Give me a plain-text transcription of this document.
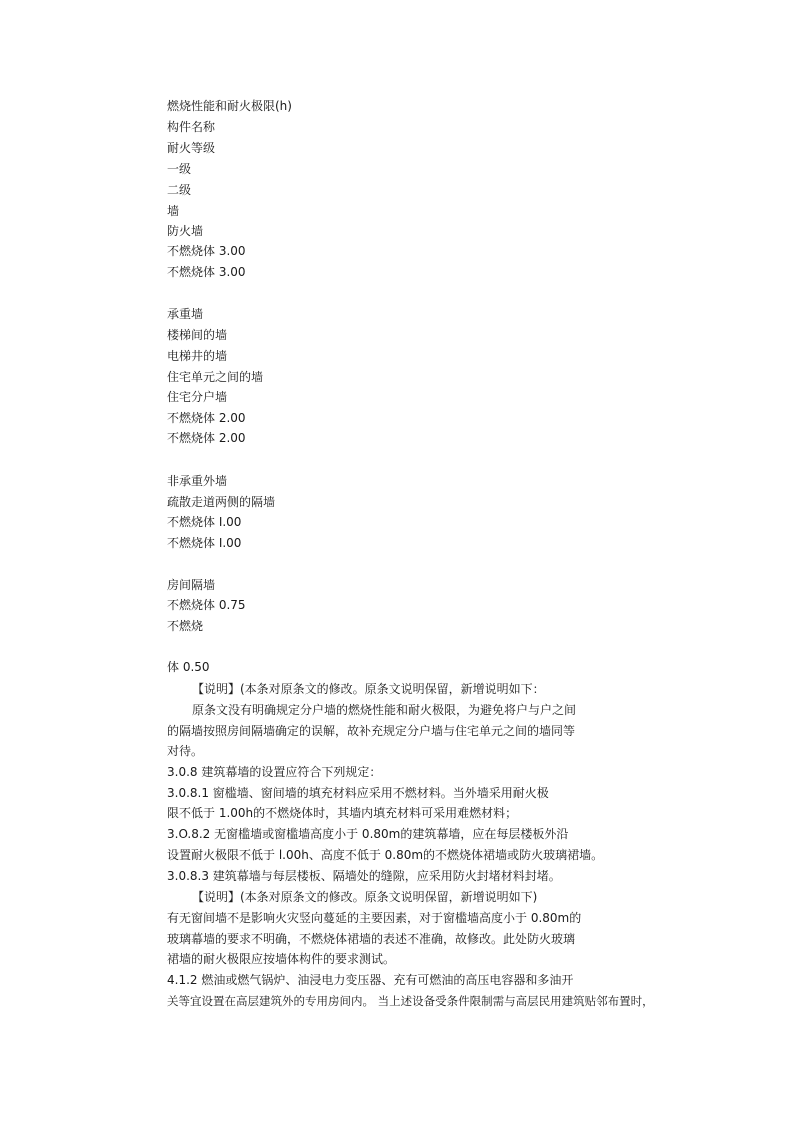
燃烧性能和耐火极限(h)
构件名称
耐火等级
一级
二级
墙
防火墙
不燃烧体 3.00
不燃烧体 3.00
承重墙
楼梯间的墙
电梯井的墙
住宅单元之间的墙
住宅分户墙
不燃烧体 2.00
不燃烧体 2.00
非承重外墙
疏散走道两侧的隔墙
不燃烧体 I.00
不燃烧体 I.00
房间隔墙
不燃烧体 0.75
不燃烧
体 0.50
【说明】(本条对原条文的修改。原条文说明保留，新增说明如下：
原条文没有明确规定分户墙的燃烧性能和耐火极限，为避免将户与户之间
的隔墙按照房间隔墙确定的误解，故补充规定分户墙与住宅单元之间的墙同等
对待。
3.0.8 建筑幕墙的设置应符合下列规定：
3.0.8.1 窗槛墙、窗间墙的填充材料应采用不燃材料。当外墙采用耐火极
限不低于 1.00h的不燃烧体时，其墙内填充材料可采用难燃材料；
3.O.8.2 无窗槛墙或窗槛墙高度小于 0.80m的建筑幕墙，应在每层楼板外沿
设置耐火极限不低于 l.00h、高度不低于 0.80m的不燃烧体裙墙或防火玻璃裙墙。
3.0.8.3 建筑幕墙与每层楼板、隔墙处的缝隙，应采用防火封堵材料封堵。
【说明】(本条对原条文的修改。原条文说明保留，新增说明如下)
有无窗间墙不是影响火灾竖向蔓延的主要因素，对于窗槛墙高度小于 0.80m的
玻璃幕墙的要求不明确，不燃烧体裙墙的表述不准确，故修改。此处防火玻璃
裙墙的耐火极限应按墙体构件的要求测试。
4.1.2 燃油或燃气锅炉、油浸电力变压器、充有可燃油的高压电容器和多油开
关等宜设置在高层建筑外的专用房间内。 当上述设备受条件限制需与高层民用建筑贴邻布置时，
